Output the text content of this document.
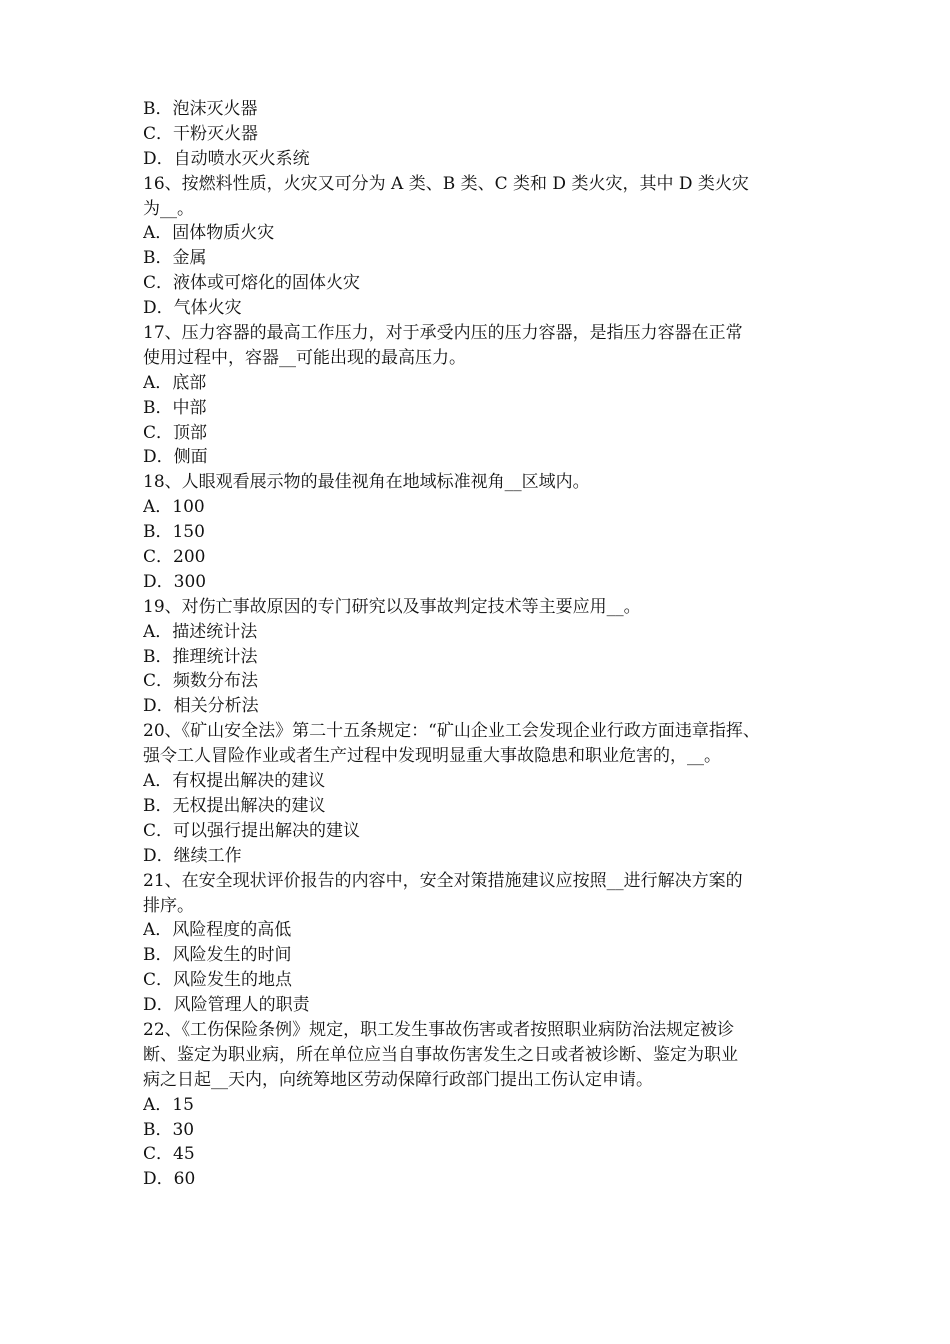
B．泡沫灭火器
C．干粉灭火器
D．自动喷水灭火系统
16、按燃料性质，火灾又可分为 A 类、B 类、C 类和 D 类火灾，其中 D 类火灾
为__。
A．固体物质火灾
B．金属
C．液体或可熔化的固体火灾
D．气体火灾
17、压力容器的最高工作压力，对于承受内压的压力容器，是指压力容器在正常
使用过程中，容器__可能出现的最高压力。
A．底部
B．中部
C．顶部
D．侧面
18、人眼观看展示物的最佳视角在地域标准视角__区域内。
A．100
B．150
C．200
D．300
19、对伤亡事故原因的专门研究以及事故判定技术等主要应用__。
A．描述统计法
B．推理统计法
C．频数分布法
D．相关分析法
20、《矿山安全法》第二十五条规定：“矿山企业工会发现企业行政方面违章指挥、
强令工人冒险作业或者生产过程中发现明显重大事故隐患和职业危害的，__。
A．有权提出解决的建议
B．无权提出解决的建议
C．可以强行提出解决的建议
D．继续工作
21、在安全现状评价报告的内容中，安全对策措施建议应按照__进行解决方案的
排序。
A．风险程度的高低
B．风险发生的时间
C．风险发生的地点
D．风险管理人的职责
22、《工伤保险条例》规定，职工发生事故伤害或者按照职业病防治法规定被诊
断、鉴定为职业病，所在单位应当自事故伤害发生之日或者被诊断、鉴定为职业
病之日起__天内，向统筹地区劳动保障行政部门提出工伤认定申请。
A．15
B．30
C．45
D．60
